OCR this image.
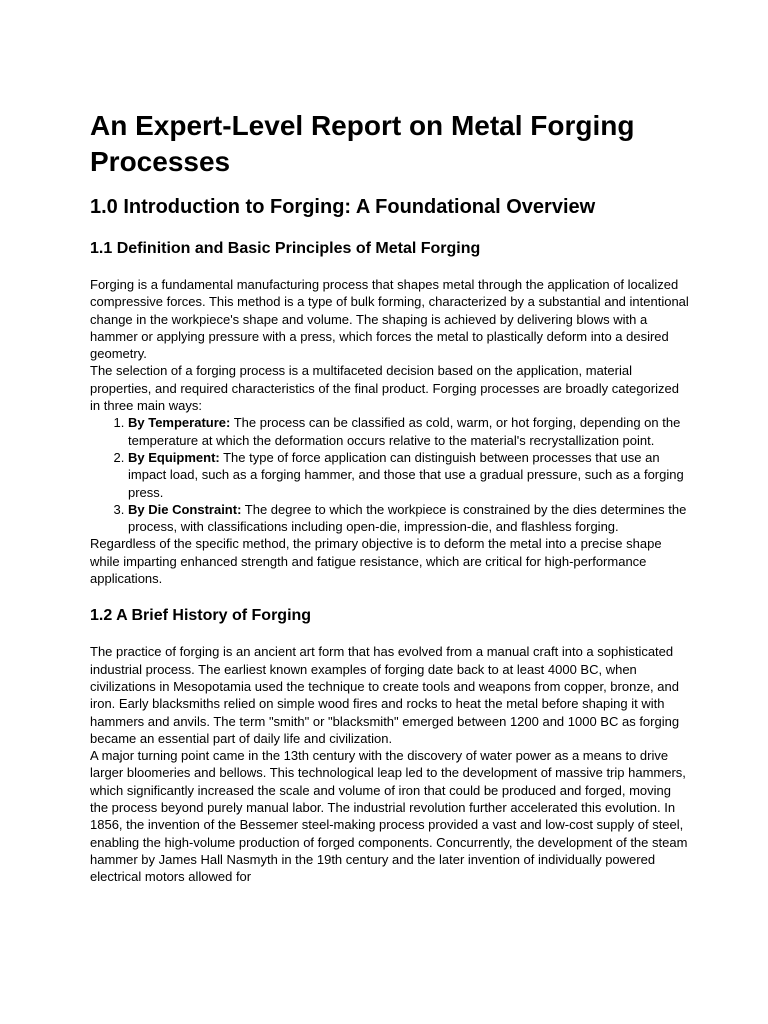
An Expert-Level Report on Metal Forging Processes
1.0 Introduction to Forging: A Foundational Overview
1.1 Definition and Basic Principles of Metal Forging

Forging is a fundamental manufacturing process that shapes metal through the application of localized compressive forces. This method is a type of bulk forming, characterized by a substantial and intentional change in the workpiece's shape and volume. The shaping is achieved by delivering blows with a hammer or applying pressure with a press, which forces the metal to plastically deform into a desired geometry.

The selection of a forging process is a multifaceted decision based on the application, material properties, and required characteristics of the final product. Forging processes are broadly categorized in three main ways:

1. By Temperature: The process can be classified as cold, warm, or hot forging, depending on the temperature at which the deformation occurs relative to the material's recrystallization point.
2. By Equipment: The type of force application can distinguish between processes that use an impact load, such as a forging hammer, and those that use a gradual pressure, such as a forging press.
3. By Die Constraint: The degree to which the workpiece is constrained by the dies determines the process, with classifications including open-die, impression-die, and flashless forging.

Regardless of the specific method, the primary objective is to deform the metal into a precise shape while imparting enhanced strength and fatigue resistance, which are critical for high-performance applications.

1.2 A Brief History of Forging

The practice of forging is an ancient art form that has evolved from a manual craft into a sophisticated industrial process. The earliest known examples of forging date back to at least 4000 BC, when civilizations in Mesopotamia used the technique to create tools and weapons from copper, bronze, and iron. Early blacksmiths relied on simple wood fires and rocks to heat the metal before shaping it with hammers and anvils. The term "smith" or "blacksmith" emerged between 1200 and 1000 BC as forging became an essential part of daily life and civilization.

A major turning point came in the 13th century with the discovery of water power as a means to drive larger bloomeries and bellows. This technological leap led to the development of massive trip hammers, which significantly increased the scale and volume of iron that could be produced and forged, moving the process beyond purely manual labor. The industrial revolution further accelerated this evolution. In 1856, the invention of the Bessemer steel-making process provided a vast and low-cost supply of steel, enabling the high-volume production of forged components. Concurrently, the development of the steam hammer by James Hall Nasmyth in the 19th century and the later invention of individually powered electrical motors allowed for
